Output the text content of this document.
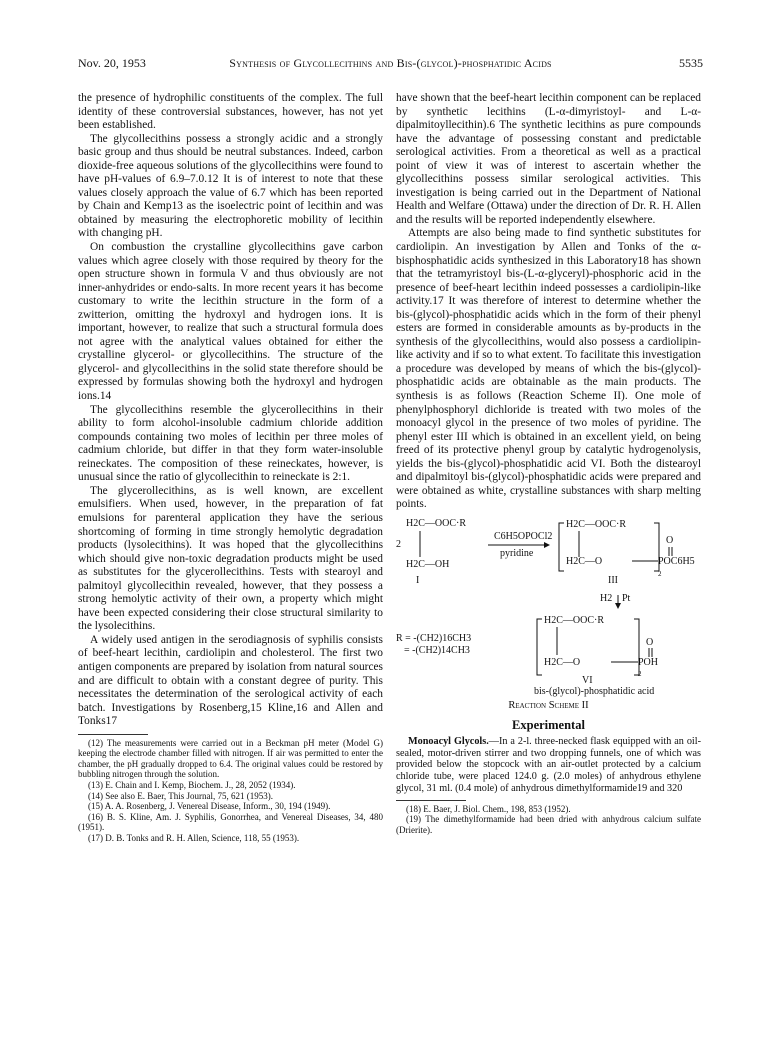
Nov. 20, 1953	Synthesis of Glycollecithins and Bis-(glycol)-phosphatidic Acids	5535

the presence of hydrophilic constituents of the complex. The full identity of these controversial substances, however, has not yet been established.

The glycollecithins possess a strongly acidic and a strongly basic group and thus should be neutral substances. Indeed, carbon dioxide-free aqueous solutions of the glycollecithins were found to have pH-values of 6.9–7.0.12 It is of interest to note that these values closely approach the value of 6.7 which has been reported by Chain and Kemp13 as the isoelectric point of lecithin and was obtained by measuring the electrophoretic mobility of lecithin with changing pH.

On combustion the crystalline glycollecithins gave carbon values which agree closely with those required by theory for the open structure shown in formula V and thus obviously are not inner-anhydrides or endo-salts. In more recent years it has become customary to write the lecithin structure in the form of a zwitterion, omitting the hydroxyl and hydrogen ions. It is important, however, to realize that such a structural formula does not agree with the analytical values obtained for either the crystalline glycerol- or glycollecithins. The structure of the glycerol- and glycollecithins in the solid state therefore should be expressed by formulas showing both the hydroxyl and hydrogen ions.14

The glycollecithins resemble the glycerollecithins in their ability to form alcohol-insoluble cadmium chloride addition compounds containing two moles of lecithin per three moles of cadmium chloride, but differ in that they form water-insoluble reineckates. The composition of these reineckates, however, is unusual since the ratio of glycollecithin to reineckate is 2:1.

The glycerollecithins, as is well known, are excellent emulsifiers. When used, however, in the preparation of fat emulsions for parenteral application they have the serious shortcoming of forming in time strongly hemolytic degradation products (lysolecithins). It was hoped that the glycollecithins which should give non-toxic degradation products might be used as substitutes for the glycerollecithins. Tests with stearoyl and palmitoyl glycollecithin revealed, however, that they possess a strong hemolytic activity of their own, a property which might have been expected considering their close structural similarity to the lysolecithins.

A widely used antigen in the serodiagnosis of syphilis consists of beef-heart lecithin, cardiolipin and cholesterol. The first two antigen components are prepared by isolation from natural sources and are difficult to obtain with a constant degree of purity. This necessitates the determination of the serological activity of each batch. Investigations by Rosenberg,15 Kline,16 and Allen and Tonks17

(12) The measurements were carried out in a Beckman pH meter (Model G) keeping the electrode chamber filled with nitrogen. If air was permitted to enter the chamber, the pH gradually dropped to 6.4. The original values could be restored by bubbling nitrogen through the solution.

(13) E. Chain and I. Kemp, Biochem. J., 28, 2052 (1934).

(14) See also E. Baer, This Journal, 75, 621 (1953).

(15) A. A. Rosenberg, J. Venereal Disease, Inform., 30, 194 (1949).

(16) B. S. Kline, Am. J. Syphilis, Gonorrhea, and Venereal Diseases, 34, 480 (1951).

(17) D. B. Tonks and R. H. Allen, Science, 118, 55 (1953).

have shown that the beef-heart lecithin component can be replaced by synthetic lecithins (L-α-dimyristoyl- and L-α-dipalmitoyllecithin).6 The synthetic lecithins as pure compounds have the advantage of possessing constant and predictable serological activities. From a theoretical as well as a practical point of view it was of interest to ascertain whether the glycollecithins possess similar serological activities. This investigation is being carried out in the Department of National Health and Welfare (Ottawa) under the direction of Dr. R. H. Allen and the results will be reported independently elsewhere.

Attempts are also being made to find synthetic substitutes for cardiolipin. An investigation by Allen and Tonks of the α-bisphosphatidic acids synthesized in this Laboratory18 has shown that the tetramyristoyl bis-(L-α-glyceryl)-phosphoric acid in the presence of beef-heart lecithin indeed possesses a cardiolipin-like activity.17 It was therefore of interest to determine whether the bis-(glycol)-phosphatidic acids which in the form of their phenyl esters are formed in considerable amounts as by-products in the synthesis of the glycollecithins, would also possess a cardiolipin-like activity and if so to what extent. To facilitate this investigation a procedure was developed by means of which the bis-(glycol)-phosphatidic acids are obtainable as the main products. The synthesis is as follows (Reaction Scheme II). One mole of phenylphosphoryl dichloride is treated with two moles of the monoacyl glycol in the presence of two moles of pyridine. The phenyl ester III which is obtained in an excellent yield, on being freed of its protective phenyl group by catalytic hydrogenolysis, yields the bis-(glycol)-phosphatidic acid VI. Both the distearoyl and dipalmitoyl bis-(glycol)-phosphatidic acids were prepared and were obtained as white, crystalline substances with sharp melting points.

H2C—OOC·R
2
H2C—OH
I
C6H5OPOCl2
pyridine
H2C—OOC·R
O
H2C—O	POC6H5
2
III
H2 Pt
H2C—OOC·R
O
R = -(CH2)16CH3
= -(CH2)14CH3
H2C—O	POH
2
VI
bis-(glycol)-phosphatidic acid
Reaction Scheme II
Experimental

Monoacyl Glycols.—In a 2-l. three-necked flask equipped with an oil-sealed, motor-driven stirrer and two dropping funnels, one of which was provided below the stopcock with an air-outlet protected by a calcium chloride tube, were placed 124.0 g. (2.0 moles) of anhydrous ethylene glycol, 31 ml. (0.4 mole) of anhydrous dimethylformamide19 and 320

(18) E. Baer, J. Biol. Chem., 198, 853 (1952).

(19) The dimethylformamide had been dried with anhydrous calcium sulfate (Drierite).
